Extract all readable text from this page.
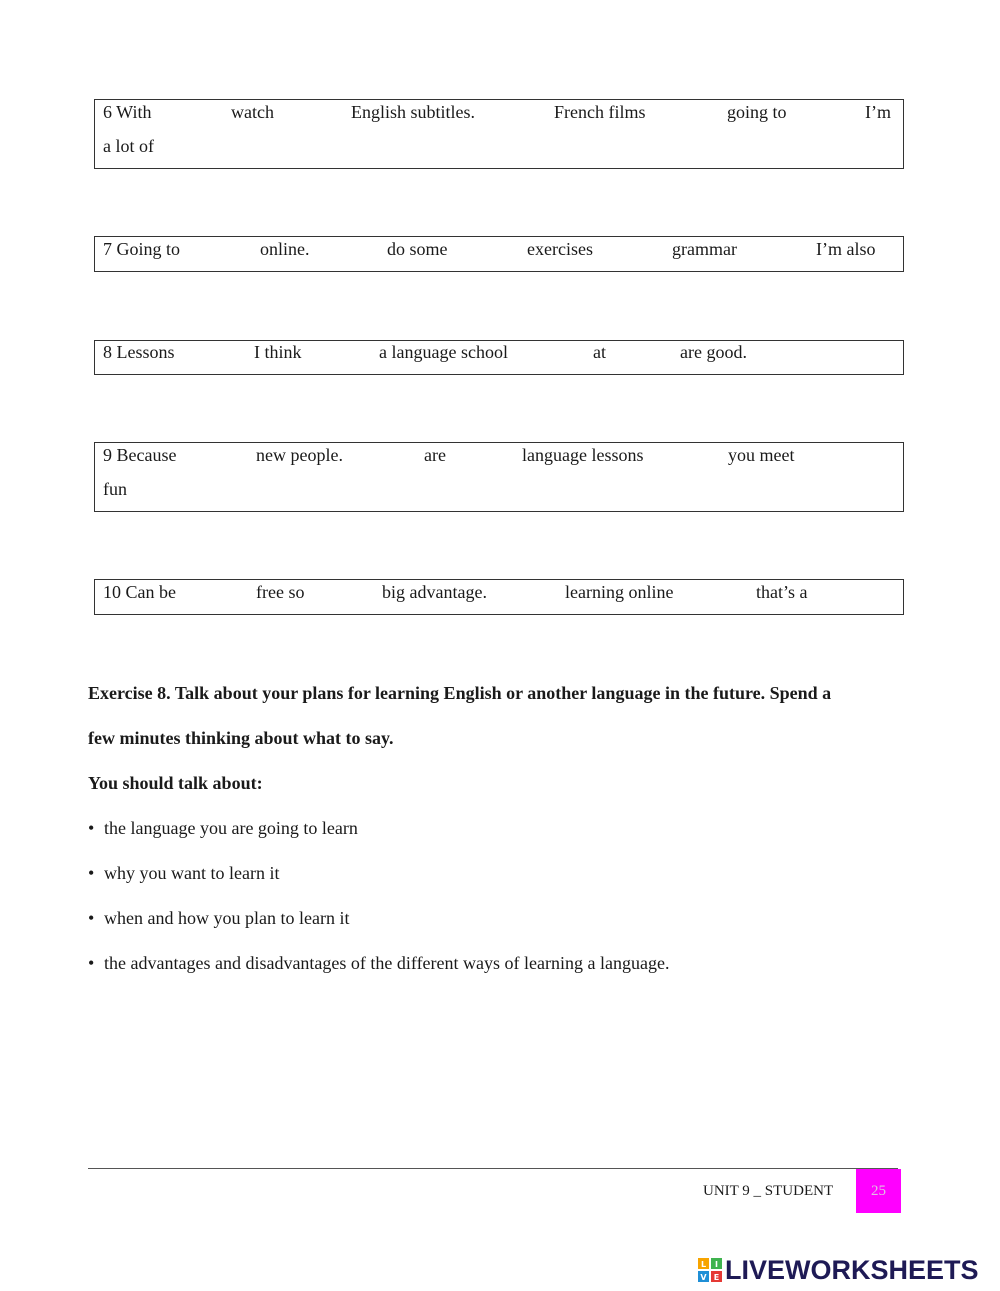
6 With	watch	English subtitles.	French films	going to	I’m
a lot of
7 Going to	online.	do some	exercises	grammar	I’m also
8 Lessons	I think	a language school	at	are good.
9 Because	new people.	are	language lessons	you meet
fun
10 Can be	free so	big advantage.	learning online	that’s a
Exercise 8. Talk about your plans for learning English or another language in the future. Spend a
few minutes thinking about what to say.
You should talk about:
• the language you are going to learn
• why you want to learn it
• when and how you plan to learn it
• the advantages and disadvantages of the different ways of learning a language.
UNIT 9 _ STUDENT	25
L I
V E LIVEWORKSHEETS
